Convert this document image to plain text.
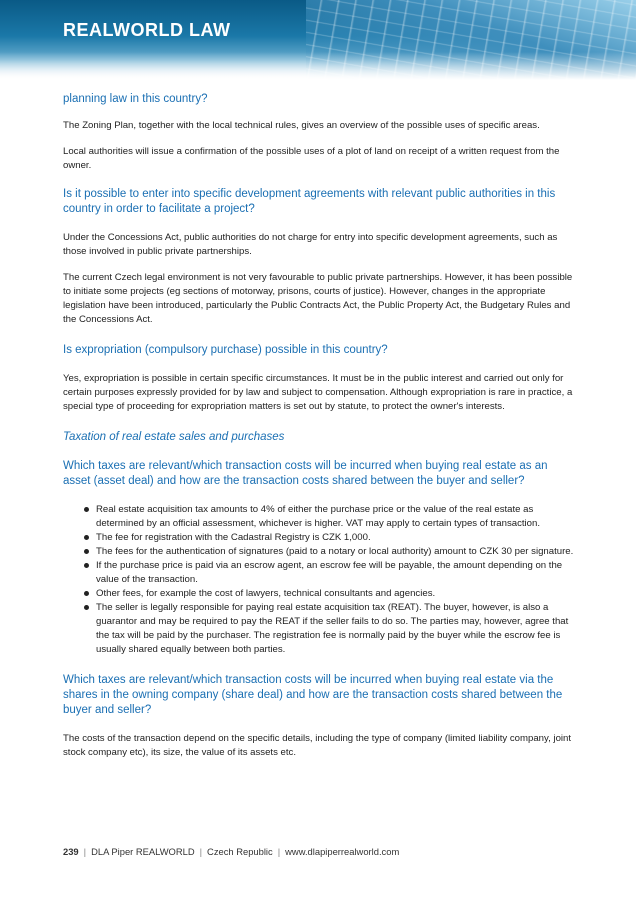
REALWORLD LAW
planning law in this country?

The Zoning Plan, together with the local technical rules, gives an overview of the possible uses of specific areas.

Local authorities will issue a confirmation of the possible uses of a plot of land on receipt of a written request from the owner.

Is it possible to enter into specific development agreements with relevant public authorities in this country in order to facilitate a project?

Under the Concessions Act, public authorities do not charge for entry into specific development agreements, such as those involved in public private partnerships.

The current Czech legal environment is not very favourable to public private partnerships. However, it has been possible to initiate some projects (eg sections of motorway, prisons, courts of justice). However, changes in the appropriate legislation have been introduced, particularly the Public Contracts Act, the Public Property Act, the Budgetary Rules and the Concessions Act.

Is expropriation (compulsory purchase) possible in this country?

Yes, expropriation is possible in certain specific circumstances. It must be in the public interest and carried out only for certain purposes expressly provided for by law and subject to compensation. Although expropriation is rare in practice, a special type of proceeding for expropriation matters is set out by statute, to protect the owner's interests.

Taxation of real estate sales and purchases
Which taxes are relevant/which transaction costs will be incurred when buying real estate as an asset (asset deal) and how are the transaction costs shared between the buyer and seller?
Real estate acquisition tax amounts to 4% of either the purchase price or the value of the real estate as determined by an official assessment, whichever is higher. VAT may apply to certain types of transaction.
The fee for registration with the Cadastral Registry is CZK 1,000.
The fees for the authentication of signatures (paid to a notary or local authority) amount to CZK 30 per signature.
If the purchase price is paid via an escrow agent, an escrow fee will be payable, the amount depending on the value of the transaction.
Other fees, for example the cost of lawyers, technical consultants and agencies.
The seller is legally responsible for paying real estate acquisition tax (REAT). The buyer, however, is also a guarantor and may be required to pay the REAT if the seller fails to do so. The parties may, however, agree that the tax will be paid by the purchaser. The registration fee is normally paid by the buyer while the escrow fee is usually shared equally between both parties.
Which taxes are relevant/which transaction costs will be incurred when buying real estate via the shares in the owning company (share deal) and how are the transaction costs shared between the buyer and seller?

The costs of the transaction depend on the specific details, including the type of company (limited liability company, joint stock company etc), its size, the value of its assets etc.

239 | DLA Piper REALWORLD | Czech Republic | www.dlapiperrealworld.com
